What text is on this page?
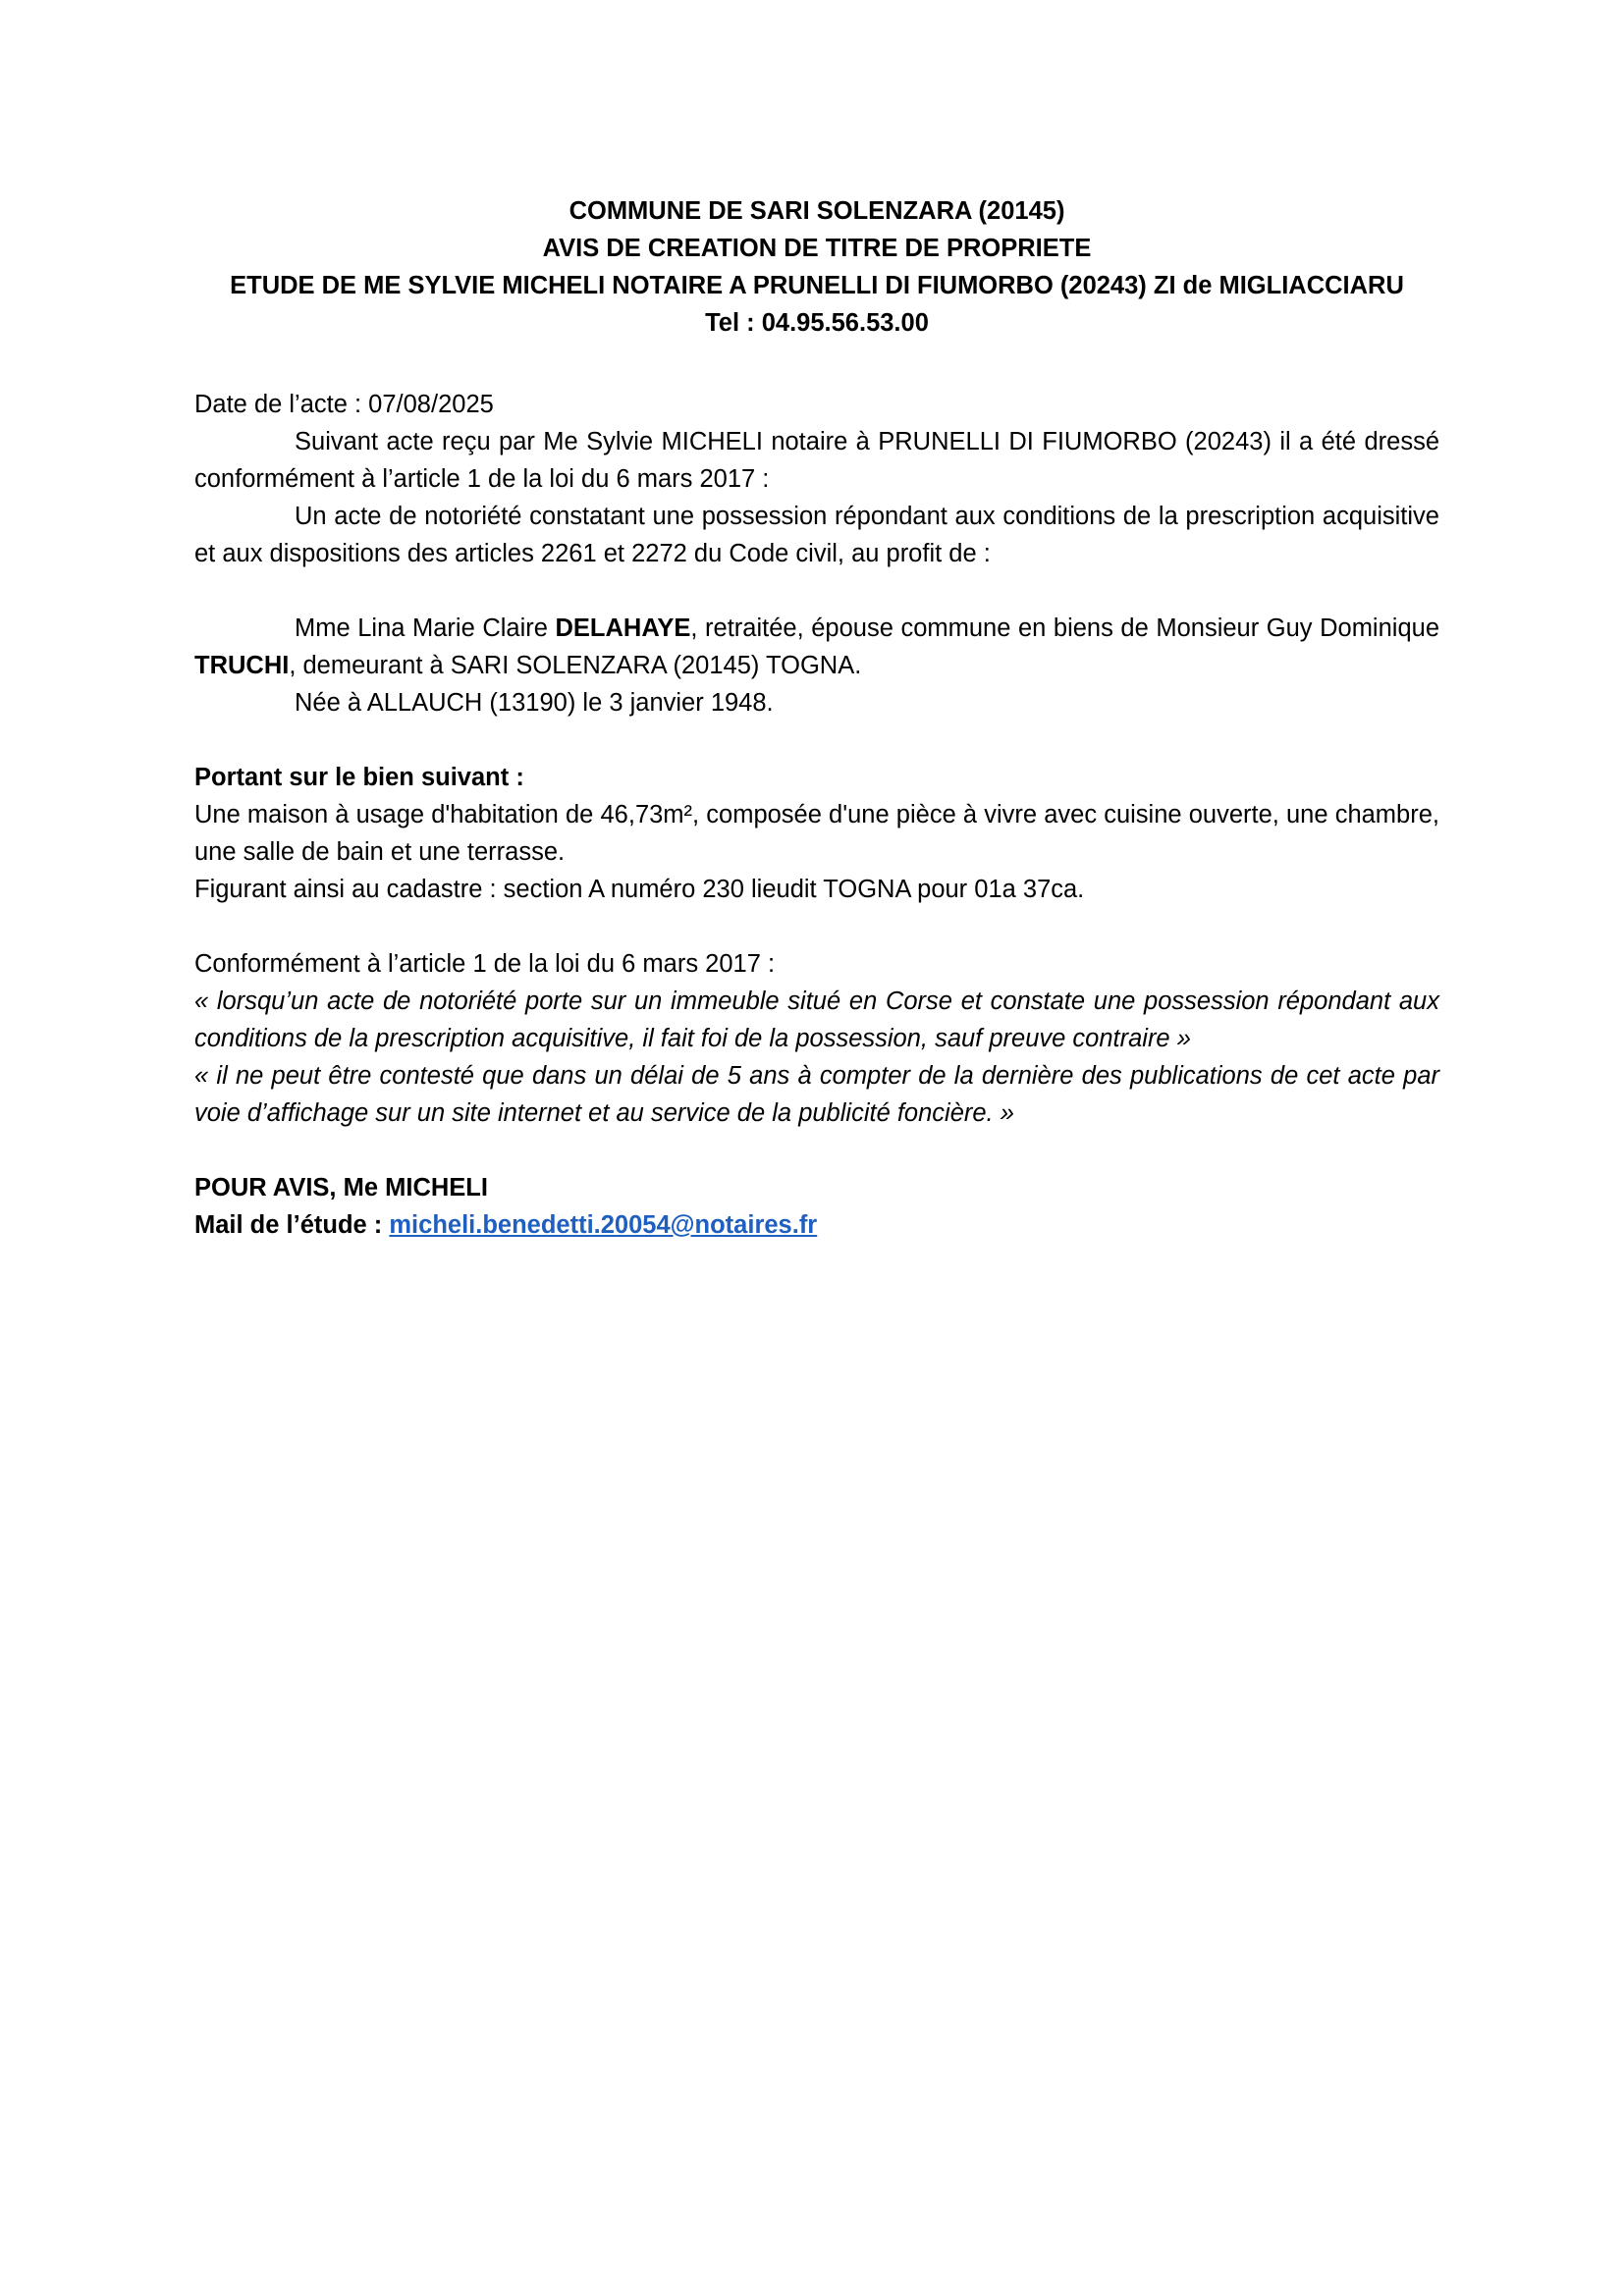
COMMUNE DE SARI SOLENZARA (20145)
AVIS DE CREATION DE TITRE DE PROPRIETE
ETUDE DE ME SYLVIE MICHELI NOTAIRE A PRUNELLI DI FIUMORBO (20243) ZI de MIGLIACCIARU
Tel : 04.95.56.53.00

Date de l’acte : 07/08/2025

Suivant acte reçu par Me Sylvie MICHELI notaire à PRUNELLI DI FIUMORBO (20243) il a été dressé conformément à l’article 1 de la loi du 6 mars 2017 :

Un acte de notoriété constatant une possession répondant aux conditions de la prescription acquisitive et aux dispositions des articles 2261 et 2272 du Code civil, au profit de :

Mme Lina Marie Claire DELAHAYE, retraitée, épouse commune en biens de Monsieur Guy Dominique TRUCHI, demeurant à SARI SOLENZARA (20145) TOGNA.

Née à ALLAUCH (13190) le 3 janvier 1948.

Portant sur le bien suivant :

Une maison à usage d'habitation de 46,73m², composée d'une pièce à vivre avec cuisine ouverte, une chambre, une salle de bain et une terrasse.

Figurant ainsi au cadastre : section A numéro 230 lieudit TOGNA pour 01a 37ca.

Conformément à l’article 1 de la loi du 6 mars 2017 :

« lorsqu’un acte de notoriété porte sur un immeuble situé en Corse et constate une possession répondant aux conditions de la prescription acquisitive, il fait foi de la possession, sauf preuve contraire »

« il ne peut être contesté que dans un délai de 5 ans à compter de la dernière des publications de cet acte par voie d’affichage sur un site internet et au service de la publicité foncière. »

POUR AVIS, Me MICHELI

Mail de l’étude : micheli.benedetti.20054@notaires.fr
